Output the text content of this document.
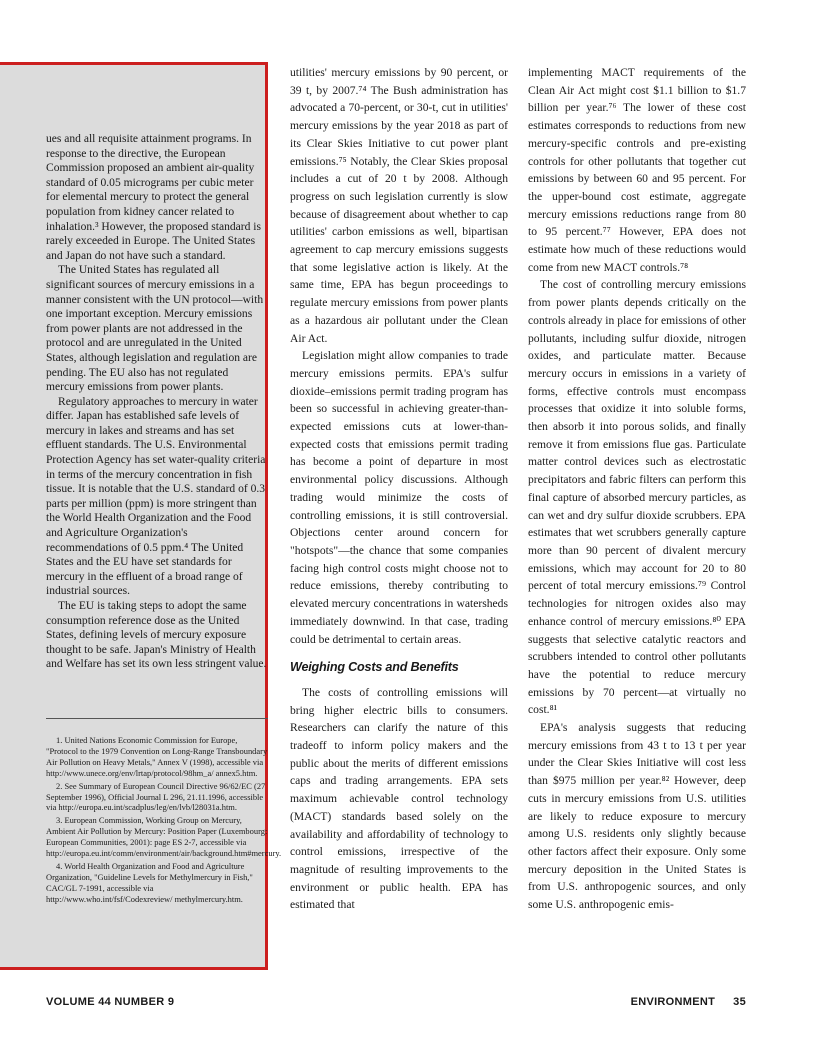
ues and all requisite attainment programs. In response to the directive, the European Commission proposed an ambient air-quality standard of 0.05 micrograms per cubic meter for elemental mercury to protect the general population from kidney cancer related to inhalation.³ However, the proposed standard is rarely exceeded in Europe. The United States and Japan do not have such a standard.

The United States has regulated all significant sources of mercury emissions in a manner consistent with the UN protocol—with one important exception. Mercury emissions from power plants are not addressed in the protocol and are unregulated in the United States, although legislation and regulation are pending. The EU also has not regulated mercury emissions from power plants.

Regulatory approaches to mercury in water differ. Japan has established safe levels of mercury in lakes and streams and has set effluent standards. The U.S. Environmental Protection Agency has set water-quality criteria in terms of the mercury concentration in fish tissue. It is notable that the U.S. standard of 0.3 parts per million (ppm) is more stringent than the World Health Organization and the Food and Agriculture Organization's recommendations of 0.5 ppm.⁴ The United States and the EU have set standards for mercury in the effluent of a broad range of industrial sources.

The EU is taking steps to adopt the same consumption reference dose as the United States, defining levels of mercury exposure thought to be safe. Japan's Ministry of Health and Welfare has set its own less stringent value.

1. United Nations Economic Commission for Europe, "Protocol to the 1979 Convention on Long-Range Transboundary Air Pollution on Heavy Metals," Annex V (1998), accessible via http://www.unece.org/env/lrtap/protocol/98hm_a/ annex5.htm.

2. See Summary of European Council Directive 96/62/EC (27 September 1996), Official Journal L 296, 21.11.1996, accessible via http://europa.eu.int/scadplus/leg/en/lvb/l28031a.htm.

3. European Commission, Working Group on Mercury, Ambient Air Pollution by Mercury: Position Paper (Luxembourg: European Communities, 2001): page ES 2-7, accessible via http://europa.eu.int/comm/environment/air/background.htm#mercury.

4. World Health Organization and Food and Agriculture Organization, "Guideline Levels for Methylmercury in Fish," CAC/GL 7-1991, accessible via http://www.who.int/fsf/Codexreview/ methylmercury.htm.

utilities' mercury emissions by 90 percent, or 39 t, by 2007.⁷⁴ The Bush administration has advocated a 70-percent, or 30-t, cut in utilities' mercury emissions by the year 2018 as part of its Clear Skies Initiative to cut power plant emissions.⁷⁵ Notably, the Clear Skies proposal includes a cut of 20 t by 2008. Although progress on such legislation currently is slow because of disagreement about whether to cap utilities' carbon emissions as well, bipartisan agreement to cap mercury emissions suggests that some legislative action is likely. At the same time, EPA has begun proceedings to regulate mercury emissions from power plants as a hazardous air pollutant under the Clean Air Act.

Legislation might allow companies to trade mercury emissions permits. EPA's sulfur dioxide–emissions permit trading program has been so successful in achieving greater-than-expected emissions cuts at lower-than-expected costs that emissions permit trading has become a point of departure in most environmental policy discussions. Although trading would minimize the costs of controlling emissions, it is still controversial. Objections center around concern for "hotspots"—the chance that some companies facing high control costs might choose not to reduce emissions, thereby contributing to elevated mercury concentrations in watersheds immediately downwind. In that case, trading could be detrimental to certain areas.

Weighing Costs and Benefits

The costs of controlling emissions will bring higher electric bills to consumers. Researchers can clarify the nature of this tradeoff to inform policy makers and the public about the merits of different emissions caps and trading arrangements. EPA sets maximum achievable control technology (MACT) standards based solely on the availability and affordability of technology to control emissions, irrespective of the magnitude of resulting improvements to the environment or public health. EPA has estimated that

implementing MACT requirements of the Clean Air Act might cost $1.1 billion to $1.7 billion per year.⁷⁶ The lower of these cost estimates corresponds to reductions from new mercury-specific controls and pre-existing controls for other pollutants that together cut emissions by between 60 and 95 percent. For the upper-bound cost estimate, aggregate mercury emissions reductions range from 80 to 95 percent.⁷⁷ However, EPA does not estimate how much of these reductions would come from new MACT controls.⁷⁸

The cost of controlling mercury emissions from power plants depends critically on the controls already in place for emissions of other pollutants, including sulfur dioxide, nitrogen oxides, and particulate matter. Because mercury occurs in emissions in a variety of forms, effective controls must encompass processes that oxidize it into soluble forms, then absorb it into porous solids, and finally remove it from emissions flue gas. Particulate matter control devices such as electrostatic precipitators and fabric filters can perform this final capture of absorbed mercury particles, as can wet and dry sulfur dioxide scrubbers. EPA estimates that wet scrubbers generally capture more than 90 percent of divalent mercury emissions, which may account for 20 to 80 percent of total mercury emissions.⁷⁹ Control technologies for nitrogen oxides also may enhance control of mercury emissions.⁸⁰ EPA suggests that selective catalytic reactors and scrubbers intended to control other pollutants have the potential to reduce mercury emissions by 70 percent—at virtually no cost.⁸¹

EPA's analysis suggests that reducing mercury emissions from 43 t to 13 t per year under the Clear Skies Initiative will cost less than $975 million per year.⁸² However, deep cuts in mercury emissions from U.S. utilities are likely to reduce exposure to mercury among U.S. residents only slightly because other factors affect their exposure. Only some mercury deposition in the United States is from U.S. anthropogenic sources, and only some U.S. anthropogenic emis-

VOLUME 44 NUMBER 9	ENVIRONMENT 35
